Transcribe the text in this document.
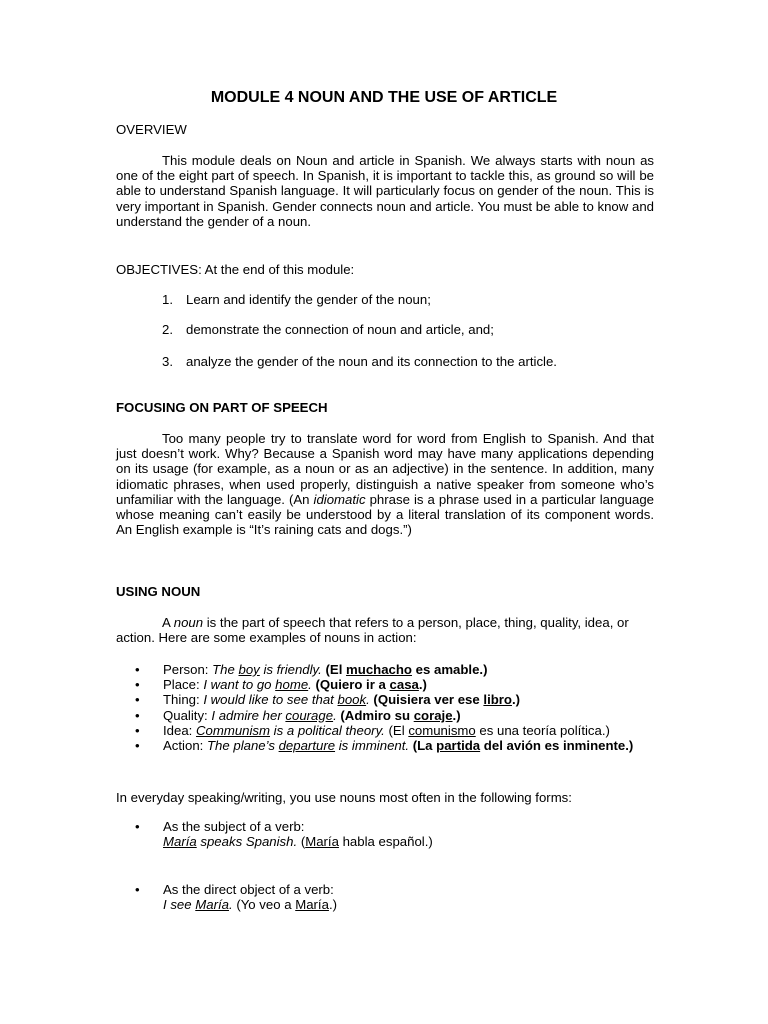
MODULE 4 NOUN AND THE USE OF ARTICLE

OVERVIEW

This module deals on Noun and article in Spanish. We always starts with noun as one of the eight part of speech. In Spanish, it is important to tackle this, as ground so will be able to understand Spanish language. It will particularly focus on gender of the noun. This is very important in Spanish. Gender connects noun and article. You must be able to know and understand the gender of a noun.

OBJECTIVES: At the end of this module:

1. Learn and identify the gender of the noun;

2. demonstrate the connection of noun and article, and;

3. analyze the gender of the noun and its connection to the article.

FOCUSING ON PART OF SPEECH

Too many people try to translate word for word from English to Spanish. And that just doesn’t work. Why? Because a Spanish word may have many applications depending on its usage (for example, as a noun or as an adjective) in the sentence. In addition, many idiomatic phrases, when used properly, distinguish a native speaker from someone who’s unfamiliar with the language. (An idiomatic phrase is a phrase used in a particular language whose meaning can’t easily be understood by a literal translation of its component words. An English example is “It’s raining cats and dogs.”)

USING NOUN

A noun is the part of speech that refers to a person, place, thing, quality, idea, or action. Here are some examples of nouns in action:

• Person: The boy is friendly. (El muchacho es amable.)
• Place: I want to go home. (Quiero ir a casa.)
• Thing: I would like to see that book. (Quisiera ver ese libro.)
• Quality: I admire her courage. (Admiro su coraje.)
• Idea: Communism is a political theory. (El comunismo es una teoría política.)
• Action: The plane’s departure is imminent. (La partida del avión es inminente.)

In everyday speaking/writing, you use nouns most often in the following forms:

• As the subject of a verb:
María speaks Spanish. (María habla español.)
• As the direct object of a verb:
I see María. (Yo veo a María.)
